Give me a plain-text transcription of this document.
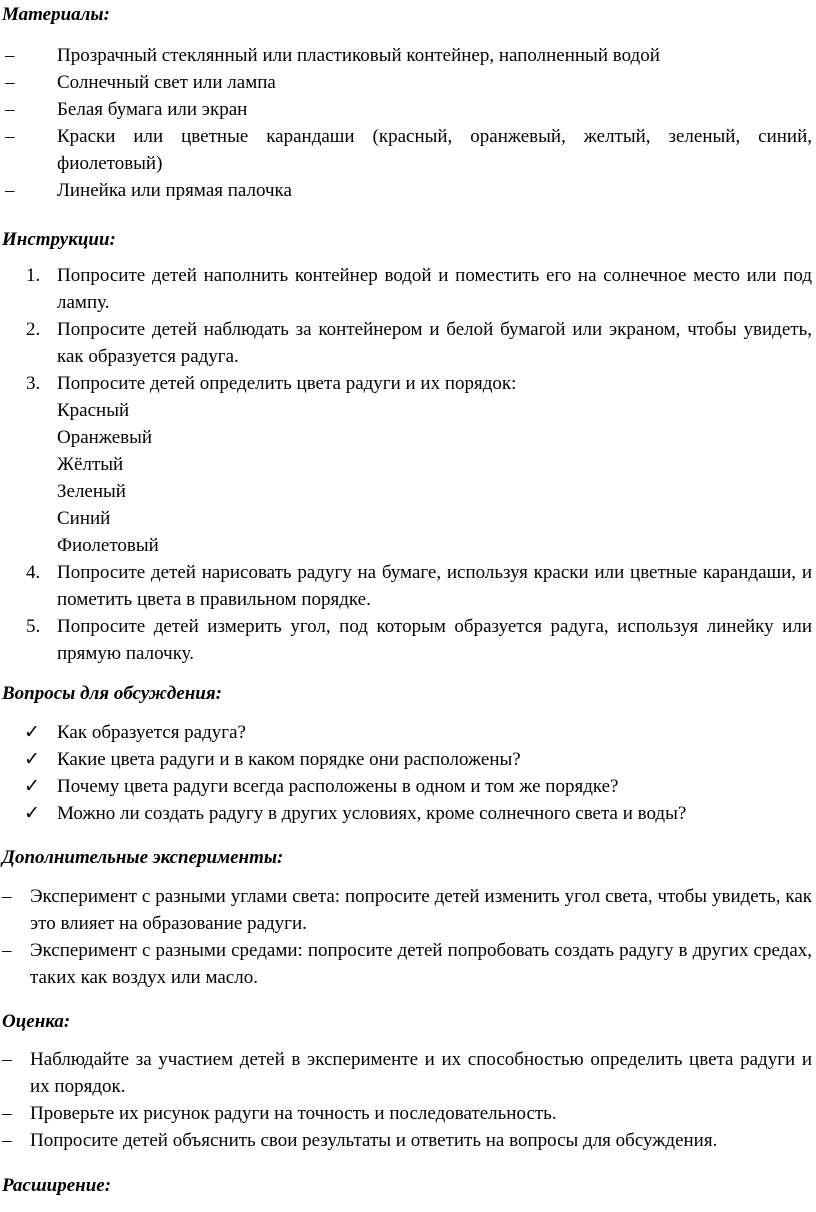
Материалы:
– Прозрачный стеклянный или пластиковый контейнер, наполненный водой
– Солнечный свет или лампа
– Белая бумага или экран
– Краски или цветные карандаши (красный, оранжевый, желтый, зеленый, синий, фиолетовый)
– Линейка или прямая палочка
Инструкции:
1. Попросите детей наполнить контейнер водой и поместить его на солнечное место или под лампу.
2. Попросите детей наблюдать за контейнером и белой бумагой или экраном, чтобы увидеть, как образуется радуга.
3. Попросите детей определить цвета радуги и их порядок:
Красный
Оранжевый
Жёлтый
Зеленый
Синий
Фиолетовый
4. Попросите детей нарисовать радугу на бумаге, используя краски или цветные карандаши, и пометить цвета в правильном порядке.
5. Попросите детей измерить угол, под которым образуется радуга, используя линейку или прямую палочку.
Вопросы для обсуждения:
✓ Как образуется радуга?
✓ Какие цвета радуги и в каком порядке они расположены?
✓ Почему цвета радуги всегда расположены в одном и том же порядке?
✓ Можно ли создать радугу в других условиях, кроме солнечного света и воды?
Дополнительные эксперименты:
– Эксперимент с разными углами света: попросите детей изменить угол света, чтобы увидеть, как это влияет на образование радуги.
– Эксперимент с разными средами: попросите детей попробовать создать радугу в других средах, таких как воздух или масло.
Оценка:
– Наблюдайте за участием детей в эксперименте и их способностью определить цвета радуги и их порядок.
– Проверьте их рисунок радуги на точность и последовательность.
– Попросите детей объяснить свои результаты и ответить на вопросы для обсуждения.
Расширение:
